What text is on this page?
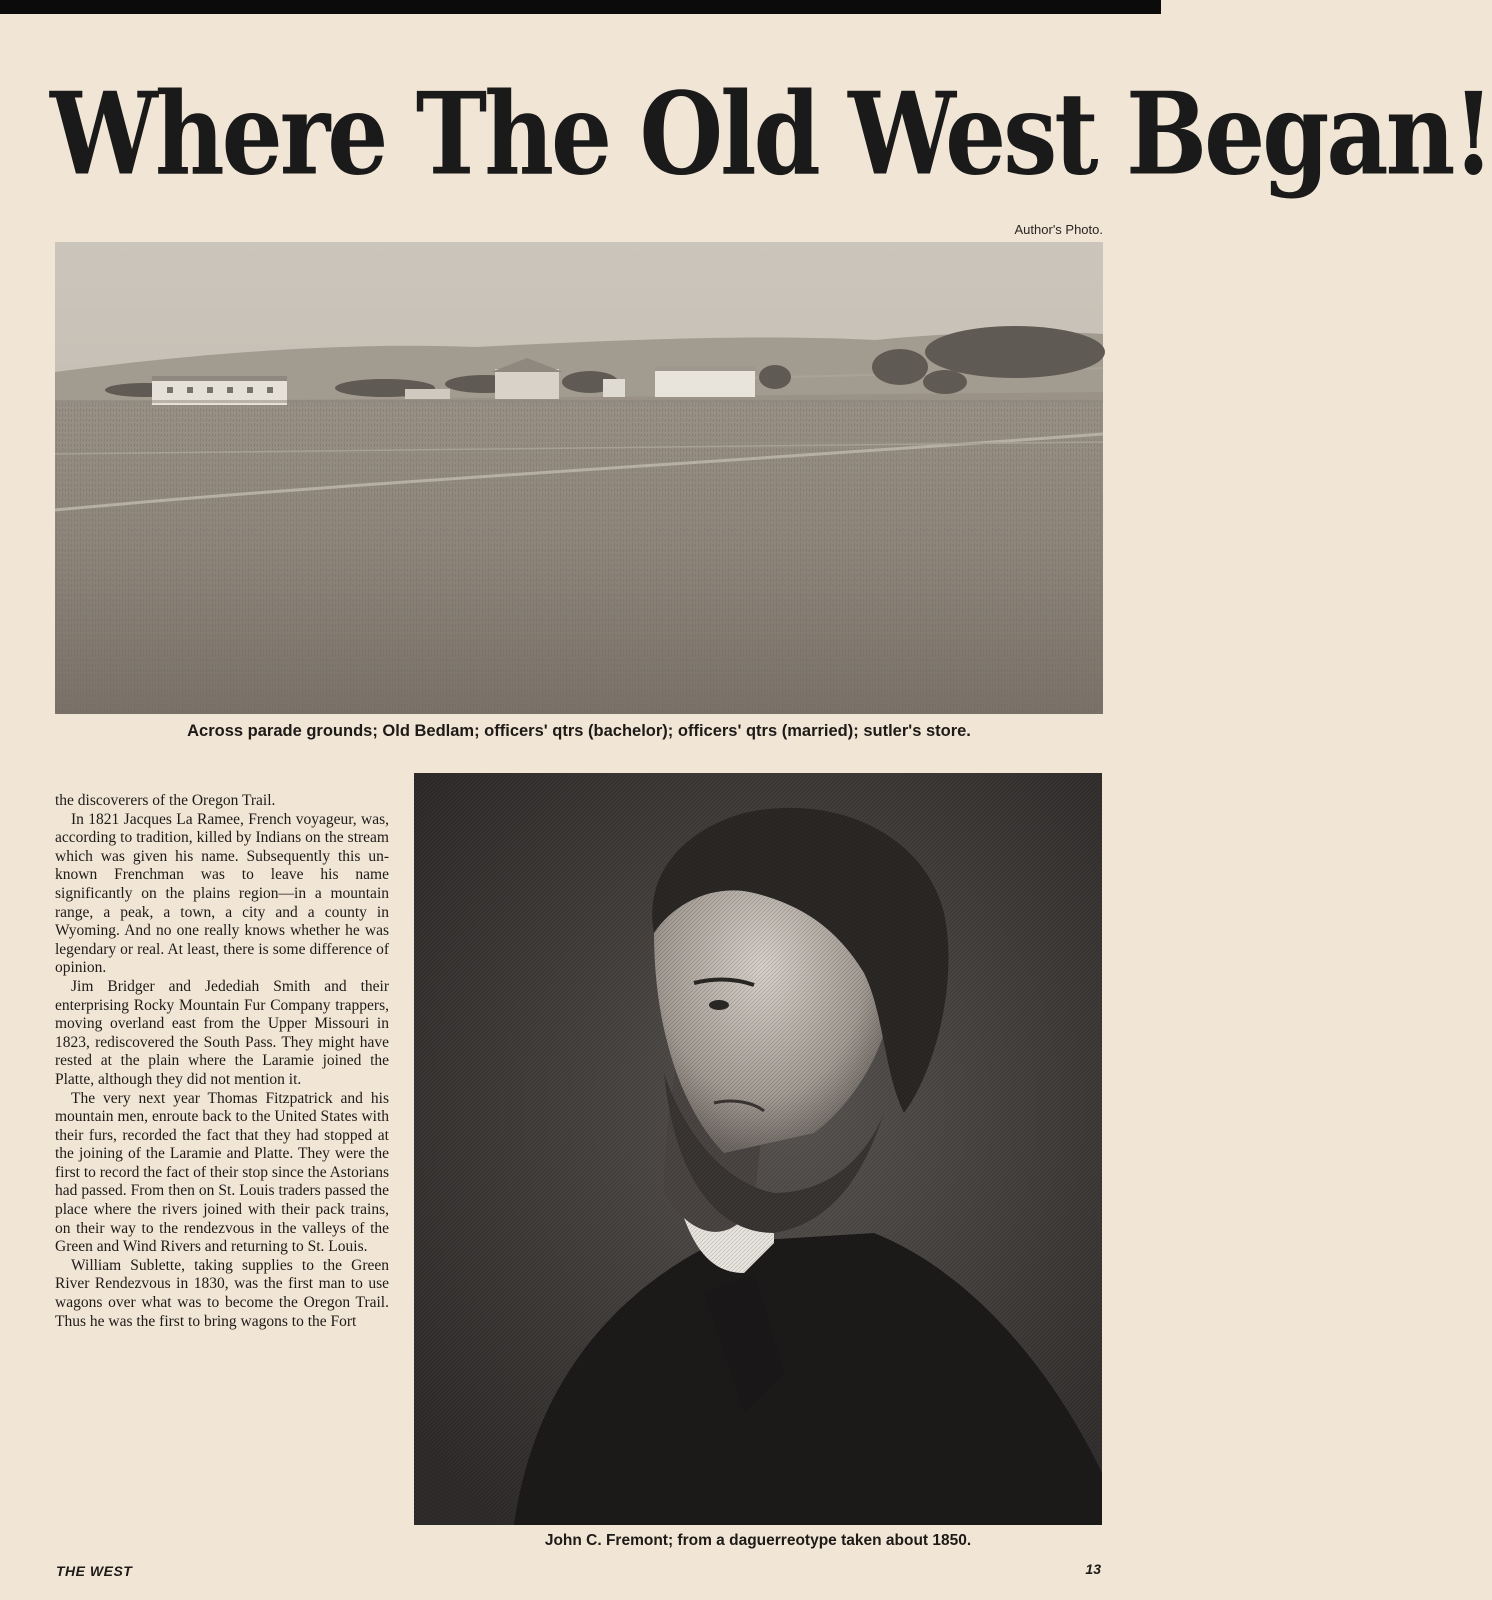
Where The Old West Began!
Author's Photo.
Across parade grounds; Old Bedlam; officers' qtrs (bachelor); officers' qtrs (married); sutler's store.

the discoverers of the Oregon Trail.

In 1821 Jacques La Ramee, French voyageur, was, according to tradition, killed by Indians on the stream which was given his name. Subsequently this unknown Frenchman was to leave his name significantly on the plains region—in a mountain range, a peak, a town, a city and a county in Wyoming. And no one really knows whether he was legendary or real. At least, there is some difference of opinion.

Jim Bridger and Jedediah Smith and their enterprising Rocky Mountain Fur Company trappers, moving overland east from the Upper Missouri in 1823, rediscovered the South Pass. They might have rested at the plain where the Laramie joined the Platte, although they did not mention it.

The very next year Thomas Fitzpatrick and his mountain men, enroute back to the United States with their furs, recorded the fact that they had stopped at the joining of the Laramie and Platte. They were the first to record the fact of their stop since the Astorians had passed. From then on St. Louis traders passed the place where the rivers joined with their pack trains, on their way to the rendezvous in the valleys of the Green and Wind Rivers and returning to St. Louis.

William Sublette, taking supplies to the Green River Rendezvous in 1830, was the first man to use wagons over what was to become the Oregon Trail. Thus he was the first to bring wagons to the Fort

John C. Fremont; from a daguerreotype taken about 1850.
THE WEST	13
